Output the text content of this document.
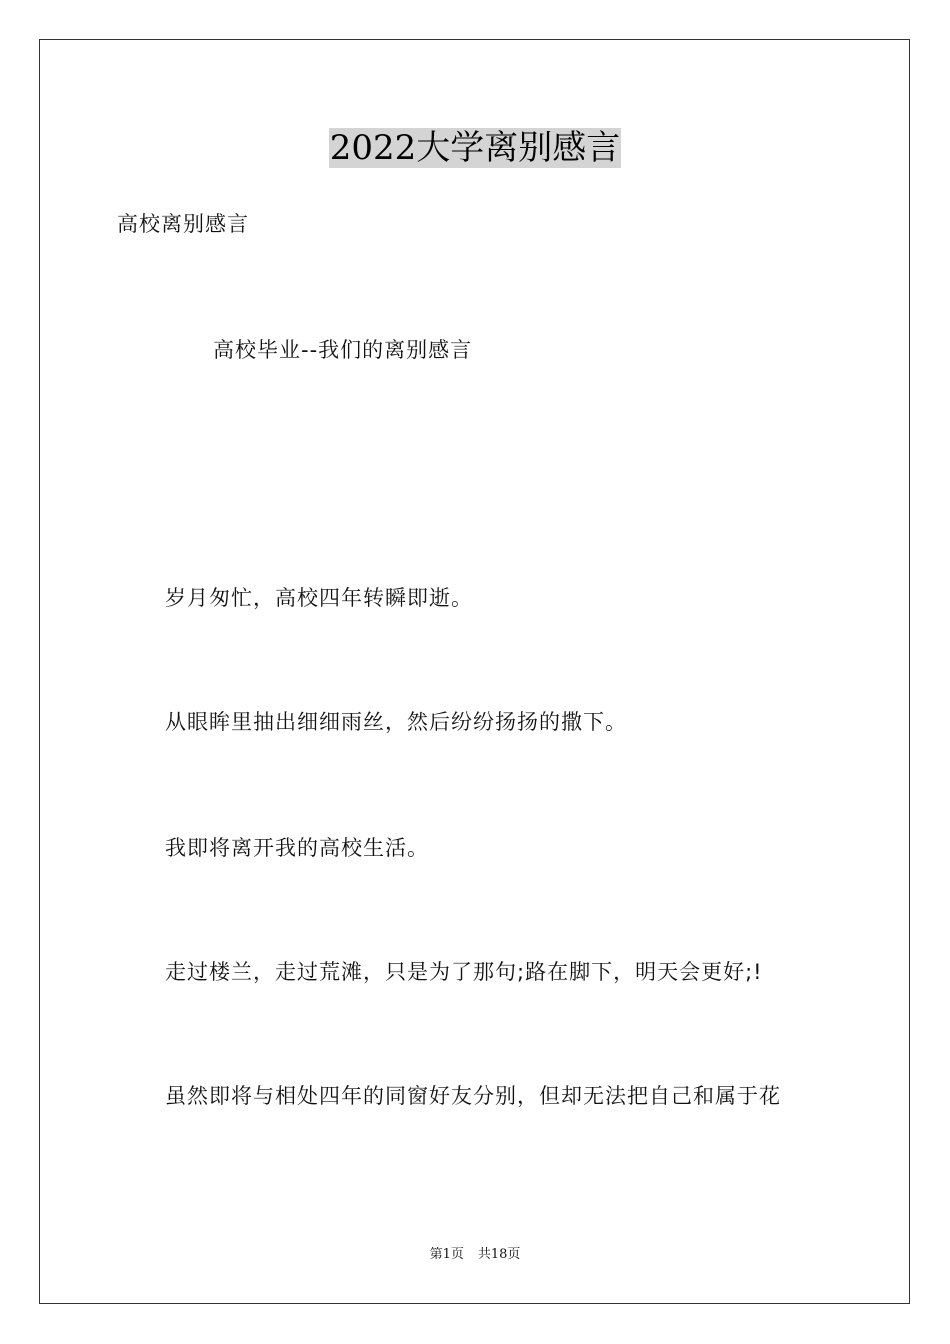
2022大学离别感言
高校离别感言
高校毕业--我们的离别感言
岁月匆忙，高校四年转瞬即逝。
从眼眸里抽出细细雨丝，然后纷纷扬扬的撒下。
我即将离开我的高校生活。
走过楼兰，走过荒滩，只是为了那句;路在脚下，明天会更好;!
虽然即将与相处四年的同窗好友分别，但却无法把自己和属于花
第1页 共18页
